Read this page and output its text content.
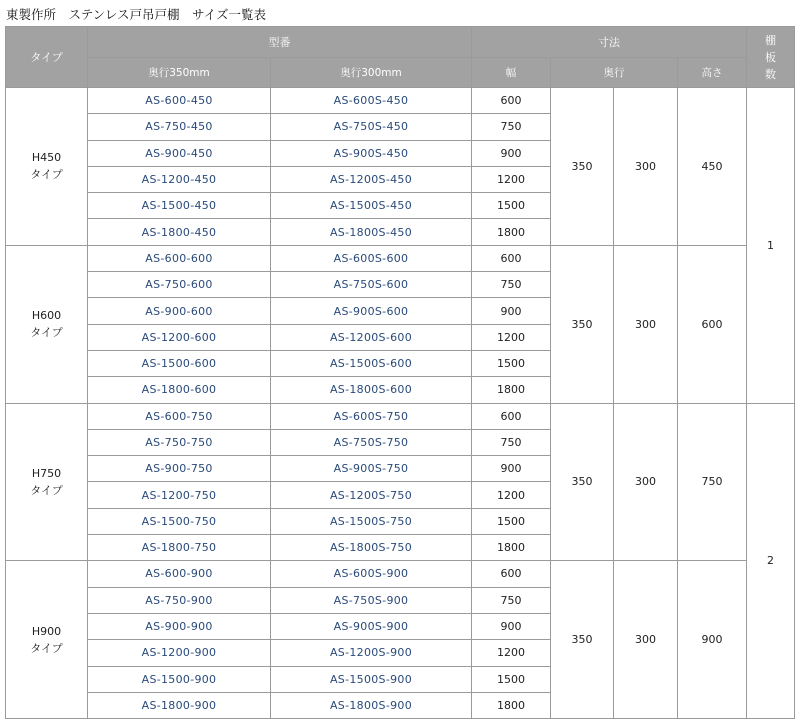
東製作所　ステンレス戸吊戸棚　サイズ一覧表
タイプ	型番		寸法				棚
板
数
	奥行350mm	奥行300mm	幅	奥行		高さ	
H450
タイプ	AS-600-450	AS-600S-450	600	350	300	450	1
	AS-750-450	AS-750S-450	750				
	AS-900-450	AS-900S-450	900				
	AS-1200-450	AS-1200S-450	1200				
	AS-1500-450	AS-1500S-450	1500				
	AS-1800-450	AS-1800S-450	1800				
H600
タイプ	AS-600-600	AS-600S-600	600	350	300	600	
	AS-750-600	AS-750S-600	750				
	AS-900-600	AS-900S-600	900				
	AS-1200-600	AS-1200S-600	1200				
	AS-1500-600	AS-1500S-600	1500				
	AS-1800-600	AS-1800S-600	1800				
H750
タイプ	AS-600-750	AS-600S-750	600	350	300	750	2
	AS-750-750	AS-750S-750	750				
	AS-900-750	AS-900S-750	900				
	AS-1200-750	AS-1200S-750	1200				
	AS-1500-750	AS-1500S-750	1500				
	AS-1800-750	AS-1800S-750	1800				
H900
タイプ	AS-600-900	AS-600S-900	600	350	300	900	
	AS-750-900	AS-750S-900	750				
	AS-900-900	AS-900S-900	900				
	AS-1200-900	AS-1200S-900	1200				
	AS-1500-900	AS-1500S-900	1500				
	AS-1800-900	AS-1800S-900	1800				
